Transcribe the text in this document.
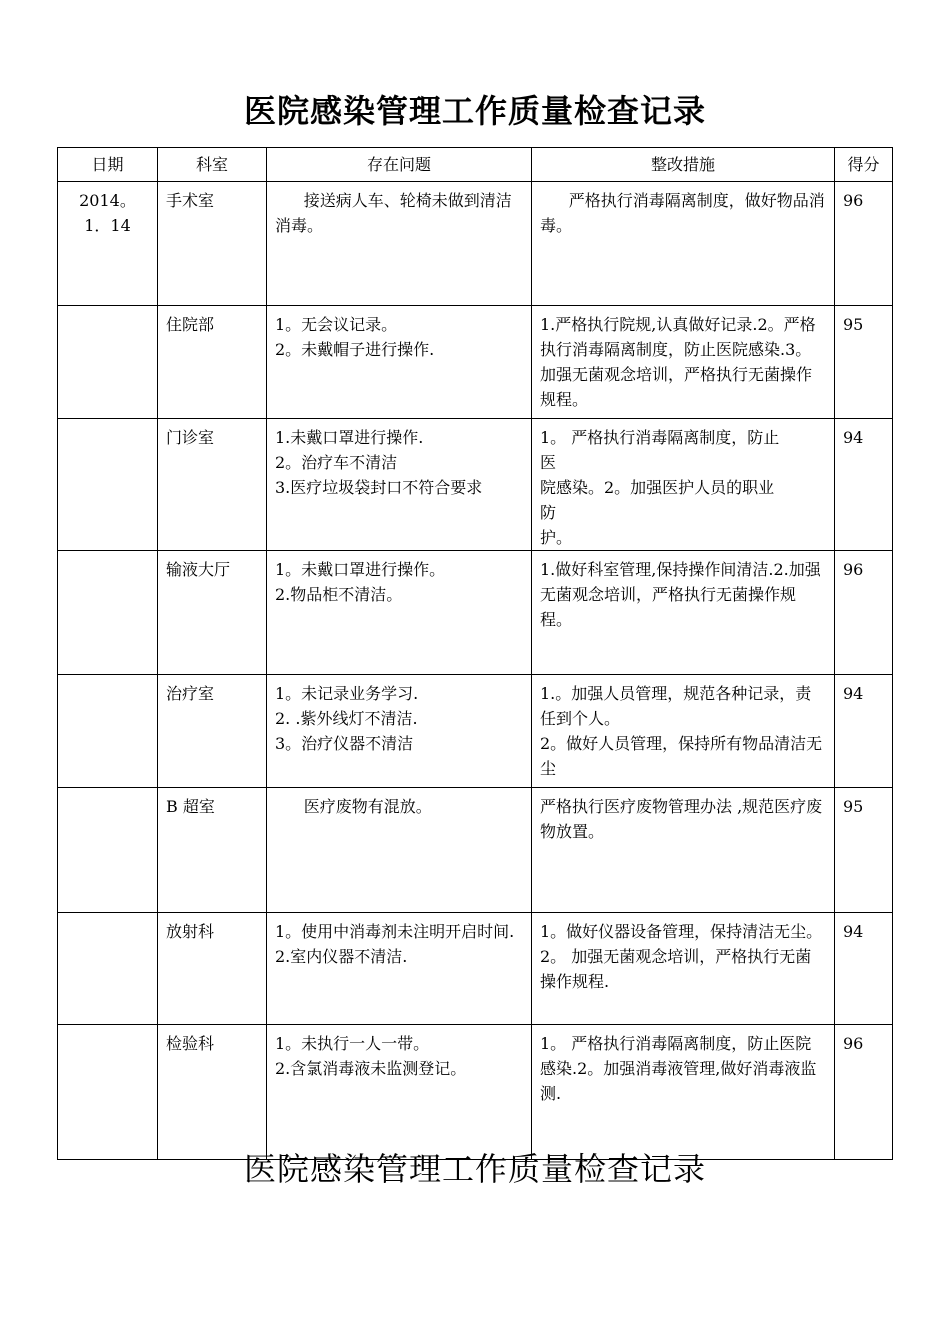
医院感染管理工作质量检查记录
日期	科室	存在问题	整改措施	得分

2014。
1．14	手术室	接送病人车、轮椅未做到清洁消毒。	严格执行消毒隔离制度，做好物品消毒。	96

	住院部	1。无会议记录。
2。未戴帽子进行操作.	1.严格执行院规,认真做好记录.2。严格执行消毒隔离制度，防止医院感染.3。 加强无菌观念培训，严格执行无菌操作规程。	95

	门诊室	1.未戴口罩进行操作.
2。治疗车不清洁
3.医疗垃圾袋封口不符合要求	1。 严格执行消毒隔离制度，防止
医
院感染。2。加强医护人员的职业
防
护。	94

	输液大厅	1。未戴口罩进行操作。
2.物品柜不清洁。	1.做好科室管理,保持操作间清洁.2.加强无菌观念培训，严格执行无菌操作规程。	96

	治疗室	1。未记录业务学习.
2. .紫外线灯不清洁.
3。治疗仪器不清洁	1.。加强人员管理，规范各种记录，责任到个人。
2。做好人员管理，保持所有物品清洁无尘	94

	B 超室	医疗废物有混放。	严格执行医疗废物管理办法 ,规范医疗废物放置。	95

	放射科	1。使用中消毒剂未注明开启时间.2.室内仪器不清洁.	1。做好仪器设备管理，保持清洁无尘。2。 加强无菌观念培训，严格执行无菌操作规程.	94

	检验科	1。未执行一人一带。
2.含氯消毒液未监测登记。	1。 严格执行消毒隔离制度，防止医院感染.2。加强消毒液管理,做好消毒液监测.	96
医院感染管理工作质量检查记录
